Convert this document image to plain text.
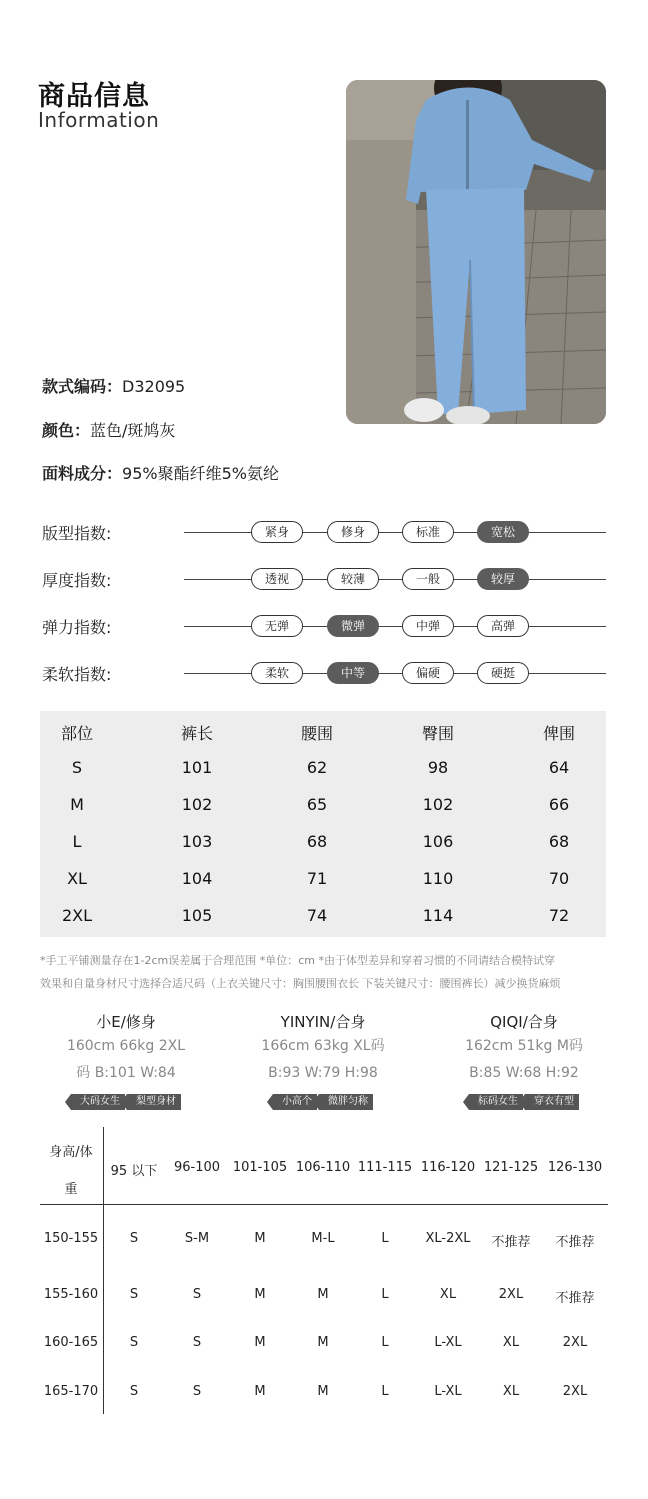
商品信息
Information
款式编码：D32095
颜色：蓝色/斑鸠灰
面料成分：95%聚酯纤维5%氨纶
版型指数:	紧身	修身	标准	宽松
厚度指数:	透视	较薄	一般	较厚
弹力指数:	无弹	微弹	中弹	高弹
柔软指数:	柔软	中等	偏硬	硬挺
部位	裤长	腰围	臀围	俾围
S	101	62	98	64
M	102	65	102	66
L	103	68	106	68
XL	104	71	110	70
2XL	105	74	114	72
*手工平铺测量存在1-2cm误差属于合理范围 *单位：cm *由于体型差异和穿着习惯的不同请结合模特试穿
效果和自量身材尺寸选择合适尺码（上衣关键尺寸：胸围腰围衣长 下装关键尺寸：腰围裤长）减少换货麻烦
小E/修身
160cm 66kg 2XL
码 B:101 W:84
大码女生 梨型身材
YINYIN/合身
166cm 63kg XL码
B:93 W:79 H:98
小高个 微胖匀称
QIQI/合身
162cm 51kg M码
B:85 W:68 H:92
标码女生 穿衣有型
身高/体
重
95 以下	96-100 101-105 106-110 111-115 116-120 121-125 126-130
150-155	S	S-M	M	M-L	L	XL-2XL	不推荐	不推荐
155-160	S	S	M	M	L	XL	2XL	不推荐
160-165	S	S	M	M	L	L-XL	XL	2XL
165-170	S	S	M	M	L	L-XL	XL	2XL
